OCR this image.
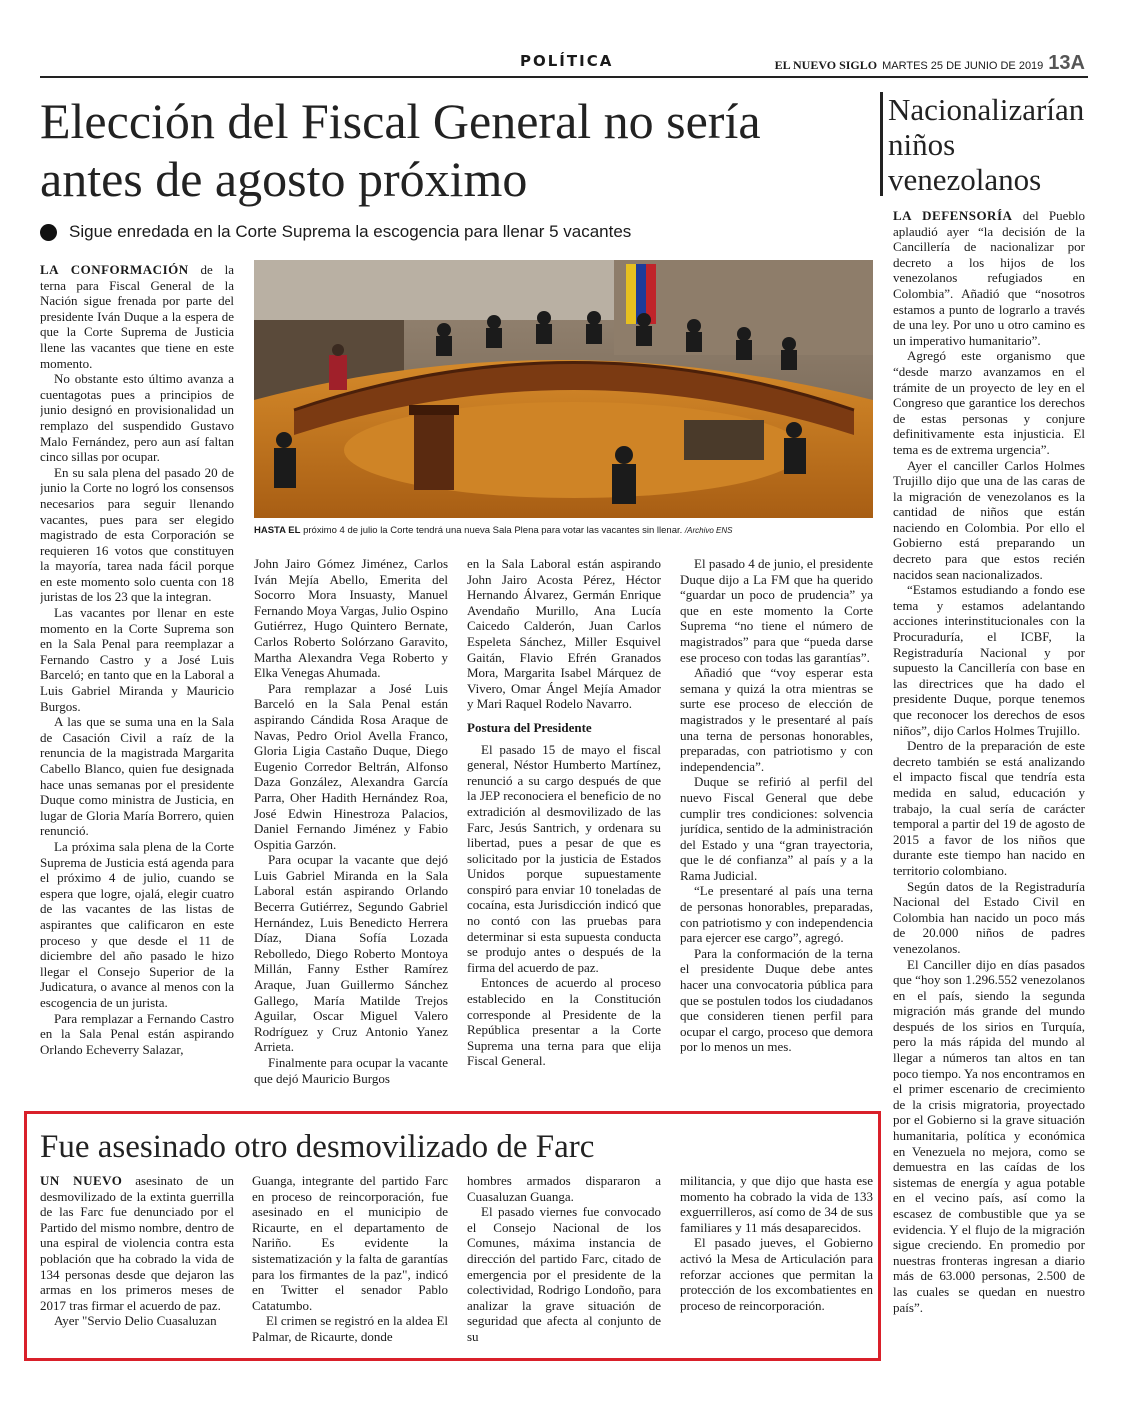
POLÍTICA	EL NUEVO SIGLO MARTES 25 DE JUNIO DE 2019 13A
Elección del Fiscal General no sería antes de agosto próximo
Sigue enredada en la Corte Suprema la escogencia para llenar 5 vacantes
HASTA EL próximo 4 de julio la Corte tendrá una nueva Sala Plena para votar las vacantes sin llenar. /Archivo ENS

LA CONFORMACIÓN de la terna para Fiscal General de la Nación sigue frenada por parte del presidente Iván Duque a la espera de que la Corte Suprema de Justicia llene las vacantes que tiene en este momento.

No obstante esto último avanza a cuentagotas pues a principios de junio designó en provisionalidad un remplazo del suspendido Gustavo Malo Fernández, pero aun así faltan cinco sillas por ocupar.

En su sala plena del pasado 20 de junio la Corte no logró los consensos necesarios para seguir llenando vacantes, pues para ser elegido magistrado de esta Corporación se requieren 16 votos que constituyen la mayoría, tarea nada fácil porque en este momento solo cuenta con 18 juristas de los 23 que la integran.

Las vacantes por llenar en este momento en la Corte Suprema son en la Sala Penal para reemplazar a Fernando Castro y a José Luis Barceló; en tanto que en la Laboral a Luis Gabriel Miranda y Mauricio Burgos.

A las que se suma una en la Sala de Casación Civil a raíz de la renuncia de la magistrada Margarita Cabello Blanco, quien fue designada hace unas semanas por el presidente Duque como ministra de Justicia, en lugar de Gloria María Borrero, quien renunció.

La próxima sala plena de la Corte Suprema de Justicia está agenda para el próximo 4 de julio, cuando se espera que logre, ojalá, elegir cuatro de las vacantes de las listas de aspirantes que calificaron en este proceso y que desde el 11 de diciembre del año pasado le hizo llegar el Consejo Superior de la Judicatura, o avance al menos con la escogencia de un jurista.

Para remplazar a Fernando Castro en la Sala Penal están aspirando Orlando Echeverry Salazar,

John Jairo Gómez Jiménez, Carlos Iván Mejía Abello, Emerita del Socorro Mora Insuasty, Manuel Fernando Moya Vargas, Julio Ospino Gutiérrez, Hugo Quintero Bernate, Carlos Roberto Solórzano Garavito, Martha Alexandra Vega Roberto y Elka Venegas Ahumada.

Para remplazar a José Luis Barceló en la Sala Penal están aspirando Cándida Rosa Araque de Navas, Pedro Oriol Avella Franco, Gloria Ligia Castaño Duque, Diego Eugenio Corredor Beltrán, Alfonso Daza González, Alexandra García Parra, Oher Hadith Hernández Roa, José Edwin Hinestroza Palacios, Daniel Fernando Jiménez y Fabio Ospitia Garzón.

Para ocupar la vacante que dejó Luis Gabriel Miranda en la Sala Laboral están aspirando Orlando Becerra Gutiérrez, Segundo Gabriel Hernández, Luis Benedicto Herrera Díaz, Diana Sofía Lozada Rebolledo, Diego Roberto Montoya Millán, Fanny Esther Ramírez Araque, Juan Guillermo Sánchez Gallego, María Matilde Trejos Aguilar, Oscar Miguel Valero Rodríguez y Cruz Antonio Yanez Arrieta.

Finalmente para ocupar la vacante que dejó Mauricio Burgos

en la Sala Laboral están aspirando John Jairo Acosta Pérez, Héctor Hernando Álvarez, Germán Enrique Avendaño Murillo, Ana Lucía Caicedo Calderón, Juan Carlos Espeleta Sánchez, Miller Esquivel Gaitán, Flavio Efrén Granados Mora, Margarita Isabel Márquez de Vivero, Omar Ángel Mejía Amador y Mari Raquel Rodelo Navarro.

Postura del Presidente

El pasado 15 de mayo el fiscal general, Néstor Humberto Martínez, renunció a su cargo después de que la JEP reconociera el beneficio de no extradición al desmovilizado de las Farc, Jesús Santrich, y ordenara su libertad, pues a pesar de que es solicitado por la justicia de Estados Unidos porque supuestamente conspiró para enviar 10 toneladas de cocaína, esta Jurisdicción indicó que no contó con las pruebas para determinar si esta supuesta conducta se produjo antes o después de la firma del acuerdo de paz.

Entonces de acuerdo al proceso establecido en la Constitución corresponde al Presidente de la República presentar a la Corte Suprema una terna para que elija Fiscal General.

El pasado 4 de junio, el presidente Duque dijo a La FM que ha querido “guardar un poco de prudencia” ya que en este momento la Corte Suprema “no tiene el número de magistrados” para que “pueda darse ese proceso con todas las garantías”.

Añadió que “voy esperar esta semana y quizá la otra mientras se surte ese proceso de elección de magistrados y le presentaré al país una terna de personas honorables, preparadas, con patriotismo y con independencia”.

Duque se refirió al perfil del nuevo Fiscal General que debe cumplir tres condiciones: solvencia jurídica, sentido de la administración del Estado y una “gran trayectoria, que le dé confianza” al país y a la Rama Judicial.

“Le presentaré al país una terna de personas honorables, preparadas, con patriotismo y con independencia para ejercer ese cargo”, agregó.

Para la conformación de la terna el presidente Duque debe antes hacer una convocatoria pública para que se postulen todos los ciudadanos que consideren tienen perfil para ocupar el cargo, proceso que demora por lo menos un mes.

Nacionalizarían niños venezolanos

LA DEFENSORÍA del Pueblo aplaudió ayer “la decisión de la Cancillería de nacionalizar por decreto a los hijos de los venezolanos refugiados en Colombia”. Añadió que “nosotros estamos a punto de lograrlo a través de una ley. Por uno u otro camino es un imperativo humanitario”.

Agregó este organismo que “desde marzo avanzamos en el trámite de un proyecto de ley en el Congreso que garantice los derechos de estas personas y conjure definitivamente esta injusticia. El tema es de extrema urgencia”.

Ayer el canciller Carlos Holmes Trujillo dijo que una de las caras de la migración de venezolanos es la cantidad de niños que están naciendo en Colombia. Por ello el Gobierno está preparando un decreto para que estos recién nacidos sean nacionalizados.

“Estamos estudiando a fondo ese tema y estamos adelantando acciones interinstitucionales con la Procuraduría, el ICBF, la Registraduría Nacional y por supuesto la Cancillería con base en las directrices que ha dado el presidente Duque, porque tenemos que reconocer los derechos de esos niños”, dijo Carlos Holmes Trujillo.

Dentro de la preparación de este decreto también se está analizando el impacto fiscal que tendría esta medida en salud, educación y trabajo, la cual sería de carácter temporal a partir del 19 de agosto de 2015 a favor de los niños que durante este tiempo han nacido en territorio colombiano.

Según datos de la Registraduría Nacional del Estado Civil en Colombia han nacido un poco más de 20.000 niños de padres venezolanos.

El Canciller dijo en días pasados que “hoy son 1.296.552 venezolanos en el país, siendo la segunda migración más grande del mundo después de los sirios en Turquía, pero la más rápida del mundo al llegar a números tan altos en tan poco tiempo. Ya nos encontramos en el primer escenario de crecimiento de la crisis migratoria, proyectado por el Gobierno si la grave situación humanitaria, política y económica en Venezuela no mejora, como se demuestra en las caídas de los sistemas de energía y agua potable en el vecino país, así como la escasez de combustible que ya se evidencia. Y el flujo de la migración sigue creciendo. En promedio por nuestras fronteras ingresan a diario más de 63.000 personas, 2.500 de las cuales se quedan en nuestro país”.

Fue asesinado otro desmovilizado de Farc

UN NUEVO asesinato de un desmovilizado de la extinta guerrilla de las Farc fue denunciado por el Partido del mismo nombre, dentro de una espiral de violencia contra esta población que ha cobrado la vida de 134 personas desde que dejaron las armas en los primeros meses de 2017 tras firmar el acuerdo de paz.

Ayer "Servio Delio Cuasaluzan

Guanga, integrante del partido Farc en proceso de reincorporación, fue asesinado en el municipio de Ricaurte, en el departamento de Nariño. Es evidente la sistematización y la falta de garantías para los firmantes de la paz", indicó en Twitter el senador Pablo Catatumbo.

El crimen se registró en la aldea El Palmar, de Ricaurte, donde

hombres armados dispararon a Cuasaluzan Guanga.

El pasado viernes fue convocado el Consejo Nacional de los Comunes, máxima instancia de dirección del partido Farc, citado de emergencia por el presidente de la colectividad, Rodrigo Londoño, para analizar la grave situación de seguridad que afecta al conjunto de su

militancia, y que dijo que hasta ese momento ha cobrado la vida de 133 exguerrilleros, así como de 34 de sus familiares y 11 más desaparecidos.

El pasado jueves, el Gobierno activó la Mesa de Articulación para reforzar acciones que permitan la protección de los excombatientes en proceso de reincorporación.
